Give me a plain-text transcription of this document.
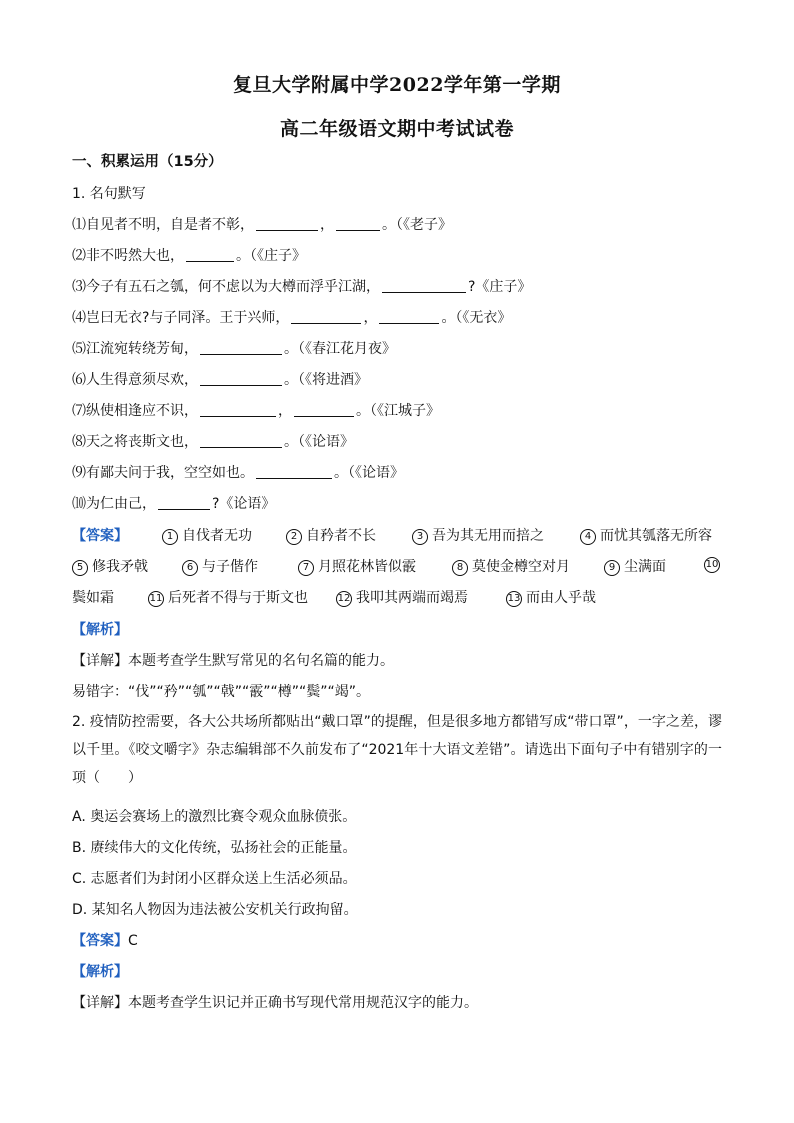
复旦大学附属中学2022学年第一学期
高二年级语文期中考试试卷
一、积累运用（15分）
1. 名句默写
⑴自见者不明，自是者不彰，	，	。（《老子》
⑵非不呺然大也，	。（《庄子》
⑶今子有五石之瓠，何不虑以为大樽而浮乎江湖，	?《庄子》
⑷岂曰无衣?与子同泽。王于兴师，	，	。（《无衣》
⑸江流宛转绕芳甸，	。（《春江花月夜》
⑹人生得意须尽欢，	。（《将进酒》
⑺纵使相逢应不识，	，	。（《江城子》
⑻天之将丧斯文也，	。（《论语》
⑼有鄙夫问于我，空空如也。	。（《论语》
⑽为仁由己，	?《论语》
【答案】	1 自伐者无功	2 自矜者不长	3 吾为其无用而掊之	4 而忧其瓠落无所容
5 修我矛戟	6 与子偕作	7 月照花林皆似霰	8 莫使金樽空对月	9 尘满面	10
鬓如霜	11 后死者不得与于斯文也	12 我叩其两端而竭焉	13 而由人乎哉
【解析】
【详解】本题考查学生默写常见的名句名篇的能力。
易错字：“伐”“矜”“瓠”“戟”“霰”“樽”“鬓”“竭”。
2. 疫情防控需要，各大公共场所都贴出“戴口罩”的提醒，但是很多地方都错写成“带口罩”，一字之差，谬以千里。《咬文嚼字》杂志编辑部不久前发布了“2021年十大语文差错”。请选出下面句子中有错别字的一项（　　）
A. 奥运会赛场上的激烈比赛令观众血脉偾张。
B. 赓续伟大的文化传统，弘扬社会的正能量。
C. 志愿者们为封闭小区群众送上生活必须品。
D. 某知名人物因为违法被公安机关行政拘留。
【答案】C
【解析】
【详解】本题考查学生识记并正确书写现代常用规范汉字的能力。
